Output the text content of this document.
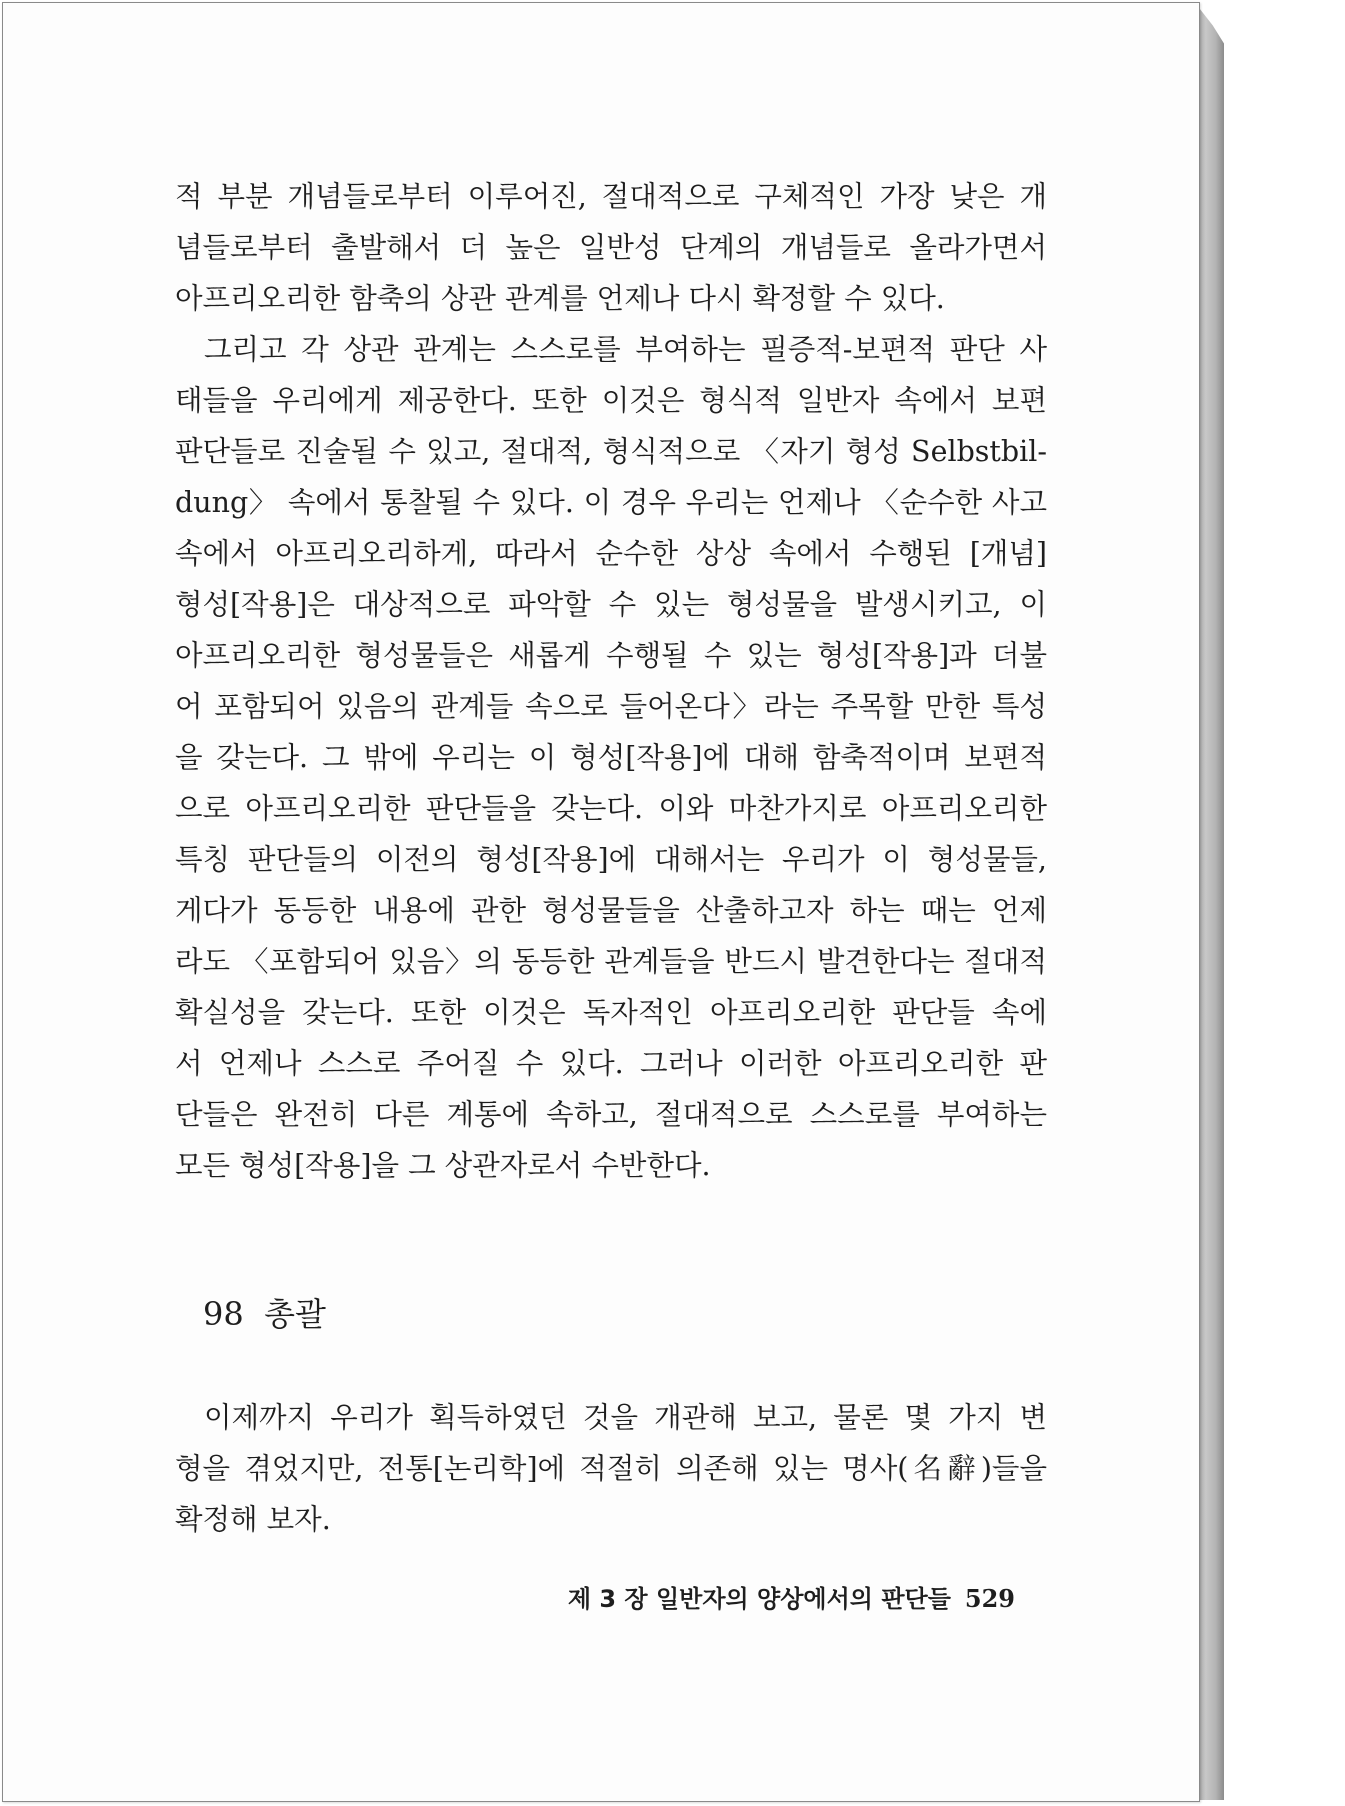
적 부분 개념들로부터 이루어진, 절대적으로 구체적인 가장 낮은 개
념들로부터 출발해서 더 높은 일반성 단계의 개념들로 올라가면서
아프리오리한 함축의 상관 관계를 언제나 다시 확정할 수 있다.
그리고 각 상관 관계는 스스로를 부여하는 필증적-보편적 판단 사
태들을 우리에게 제공한다. 또한 이것은 형식적 일반자 속에서 보편
판단들로 진술될 수 있고, 절대적, 형식적으로 〈자기 형성 Selbstbil-
dung〉 속에서 통찰될 수 있다. 이 경우 우리는 언제나 〈순수한 사고
속에서 아프리오리하게, 따라서 순수한 상상 속에서 수행된 [개념]
형성[작용]은 대상적으로 파악할 수 있는 형성물을 발생시키고, 이
아프리오리한 형성물들은 새롭게 수행될 수 있는 형성[작용]과 더불
어 포함되어 있음의 관계들 속으로 들어온다〉라는 주목할 만한 특성
을 갖는다. 그 밖에 우리는 이 형성[작용]에 대해 함축적이며 보편적
으로 아프리오리한 판단들을 갖는다. 이와 마찬가지로 아프리오리한
특칭 판단들의 이전의 형성[작용]에 대해서는 우리가 이 형성물들,
게다가 동등한 내용에 관한 형성물들을 산출하고자 하는 때는 언제
라도 〈포함되어 있음〉의 동등한 관계들을 반드시 발견한다는 절대적
확실성을 갖는다. 또한 이것은 독자적인 아프리오리한 판단들 속에
서 언제나 스스로 주어질 수 있다. 그러나 이러한 아프리오리한 판
단들은 완전히 다른 계통에 속하고, 절대적으로 스스로를 부여하는
모든 형성[작용]을 그 상관자로서 수반한다.
98 총괄
이제까지 우리가 획득하였던 것을 개관해 보고, 물론 몇 가지 변
형을 겪었지만, 전통[논리학]에 적절히 의존해 있는 명사(名辭)들을
확정해 보자.
제 3 장 일반자의 양상에서의 판단들 529
